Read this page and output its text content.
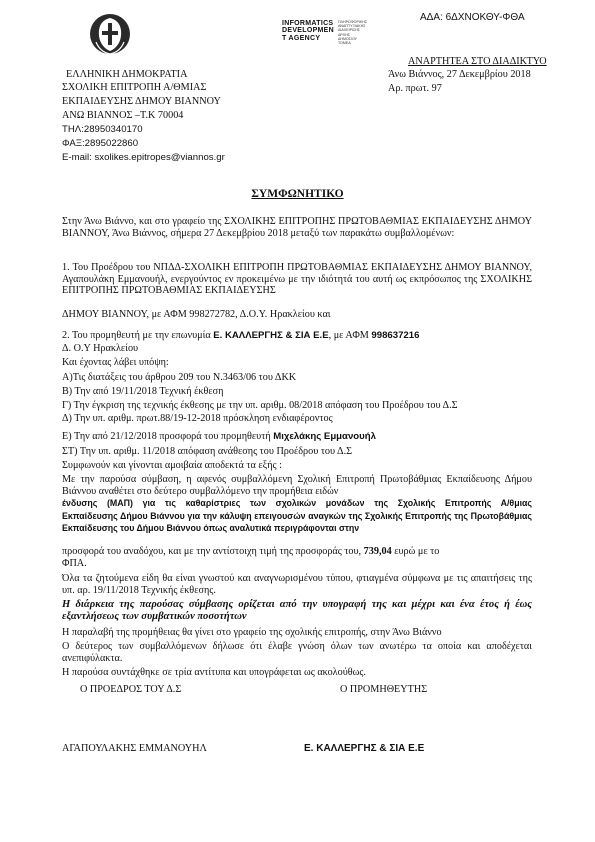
INFORMATICS
DEVELOPMEN
T AGENCY
ΠΛΗΡΟΦΟΡΙΚΗΣ
ΑΝΑΠΤΥΞΙΑΚΗΣ
ΔΙΑΧΕΙΡΙΣΗΣ
ΑΡΧΗΣ
ΔΗΜΟΣΙΟΥ
ΤΟΜΕΑ
ΑΔΑ: 6ΔΧΝΟΚΘΥ-ΦΘΑ
ΑΝΑΡΤΗΤΕΑ ΣΤΟ ΔΙΑΔΙΚΤΥΟ
Άνω Βιάννος, 27 Δεκεμβρίου 2018
Αρ. πρωτ. 97
ΕΛΛΗΝΙΚΗ ΔΗΜΟΚΡΑΤΙΑ
ΣΧΟΛΙΚΗ ΕΠΙΤΡΟΠΗ Α/ΘΜΙΑΣ
ΕΚΠΑΙΔΕΥΣΗΣ ΔΗΜΟΥ ΒΙΑΝΝΟΥ
ΑΝΩ ΒΙΑΝΝΟΣ –Τ.Κ 70004
ΤΗΛ:28950340170
ΦΑΞ:2895022860
E-mail: sxolikes.epitropes@viannos.gr
ΣΥΜΦΩΝΗΤΙΚΟ
Στην Άνω Βιάννο, και στο γραφείο της ΣΧΟΛΙΚΗΣ ΕΠΙΤΡΟΠΗΣ ΠΡΩΤΟΒΑΘΜΙΑΣ ΕΚΠΑΙΔΕΥΣΗΣ ΔΗΜΟΥ ΒΙΑΝΝΟΥ, Άνω Βιάννος, σήμερα 27 Δεκεμβρίου 2018 μεταξύ των παρακάτω συμβαλλομένων:
1. Του Προέδρου του ΝΠΔΔ-ΣΧΟΛΙΚΗ ΕΠΙΤΡΟΠΗ ΠΡΩΤΟΒΑΘΜΙΑΣ ΕΚΠΑΙΔΕΥΣΗΣ ΔΗΜΟΥ ΒΙΑΝΝΟΥ, Αγαπουλάκη Εμμανουήλ, ενεργούντος εν προκειμένω με την ιδιότητά του αυτή ως εκπρόσωπος της ΣΧΟΛΙΚΗΣ ΕΠΙΤΡΟΠΗΣ ΠΡΩΤΟΒΑΘΜΙΑΣ ΕΚΠΑΙΔΕΥΣΗΣ
ΔΗΜΟΥ ΒΙΑΝΝΟΥ, με ΑΦΜ 998272782, Δ.Ο.Υ. Ηρακλείου και
2. Του προμηθευτή με την επωνυμία Ε. ΚΑΛΛΕΡΓΗΣ & ΣΙΑ Ε.Ε, με ΑΦΜ 998637216
Δ. Ο.Υ Ηρακλείου
Και έχοντας λάβει υπόψη:
Α)Τις διατάξεις του άρθρου 209 του Ν.3463/06 του ΔΚΚ
Β) Την από 19/11/2018 Τεχνική έκθεση
Γ) Την έγκριση της τεχνικής έκθεσης με την υπ. αριθμ. 08/2018 απόφαση του Προέδρου του Δ.Σ
Δ) Την υπ. αριθμ. πρωτ.88/19-12-2018 πρόσκληση ενδιαφέροντος
Ε) Την από 21/12/2018 προσφορά του προμηθευτή Μιχελάκης Εμμανουήλ
ΣΤ) Την υπ. αριθμ. 11/2018 απόφαση ανάθεσης του Προέδρου του Δ.Σ
Συμφωνούν και γίνονται αμοιβαία αποδεκτά τα εξής :
Με την παρούσα σύμβαση, η αφενός συμβαλλόμενη Σχολική Επιτροπή Πρωτοβάθμιας Εκπαίδευσης Δήμου Βιάννου αναθέτει στο δεύτερο συμβαλλόμενο την προμήθεια ειδών
ένδυσης (ΜΑΠ) για τις καθαρίστριες των σχολικών μονάδων της Σχολικής Επιτροπής Α/θμιας
Εκπαίδευσης Δήμου Βιάννου για την κάλυψη επειγουσών αναγκών της Σχολικής Επιτροπής της Πρωτοβάθμιας Εκπαίδευσης του Δήμου Βιάννου όπως αναλυτικά περιγράφονται στην
προσφορά του αναδόχου, και με την αντίστοιχη τιμή της προσφοράς του, 739,04 ευρώ με το
ΦΠΑ.
Όλα τα ζητούμενα είδη θα είναι γνωστού και αναγνωρισμένου τύπου, φτιαγμένα σύμφωνα με τις απαιτήσεις της υπ. αρ. 19/11/2018 Τεχνικής έκθεσης.
Η διάρκεια της παρούσας σύμβασης ορίζεται από την υπογραφή της και μέχρι και ένα έτος ή έως εξαντλήσεως των συμβατικών ποσοτήτων
Η παραλαβή της προμήθειας θα γίνει στο γραφείο της σχολικής επιτροπής, στην Άνω Βιάννο
Ο δεύτερος των συμβαλλόμενων δήλωσε ότι έλαβε γνώση όλων των ανωτέρω τα οποία και αποδέχεται ανεπιφύλακτα.
Η παρούσα συντάχθηκε σε τρία αντίτυπα και υπογράφεται ως ακολούθως.
Ο ΠΡΟΕΔΡΟΣ ΤΟΥ Δ.Σ	Ο ΠΡΟΜΗΘΕΥΤΗΣ
ΑΓΑΠΟΥΛΑΚΗΣ ΕΜΜΑΝΟΥΗΛ	Ε. ΚΑΛΛΕΡΓΗΣ & ΣΙΑ Ε.Ε
